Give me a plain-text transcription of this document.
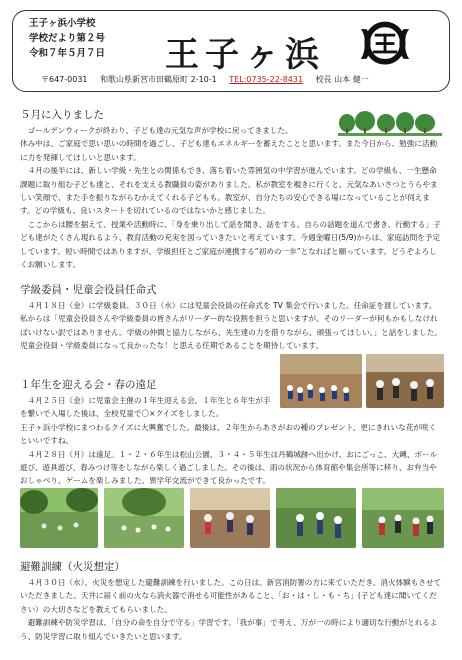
王子ヶ浜小学校
学校だより第２号
令和７年５月７日 王子ヶ浜
〒647-0031 和歌山県新宮市田鶴原町 2-10-1 TEL:0735-22-8431 校長 山本 健一
５月に入りました

ゴールデンウィークが終わり、子ども達の元気な声が学校に戻ってきました。

休み中は、ご家庭で思い思いの時間を過ごし、子ども達もエネルギーを蓄えたことと思います。また今日から、勉強に活動に力を発揮してほしいと思います。

４月の後半には、新しい学級・先生との関係もでき、落ち着いた雰囲気の中学習が進んでいます。どの学級も、一生懸命課題に取り組む子ども達と、それを支える教職員の姿がありました。私が教室を覗きに行くと、元気なあいさつとうらやましい笑顔で、また手を振りながらむかえてくれる子どもも。教室が、自分たちの安心できる場になっていることが伺えます。どの学級も、良いスタートを切れているのではないかと感じました。

ここからは腰を据えて、授業や活動時に、「身を乗り出して話を聞き、話をする。自らの話題を道んで書き、行動する」子ども達がたくさん現れるよう、教育活動の充実を図っていきたいと考えています。今週金曜日(5/9)からは、家庭訪問を予定しています。短い時間ではありますが、学級担任とご家庭が連携する“初めの一歩”となればと願っています。どうぞよろしくお願いします。

学級委員・児童会役員任命式

４月１８日（金）に学級委員、３０日（水）には児童会役員の任命式を TV 集会で行いました。任命証を渡しています。私からは「児童会役員さんや学級委員の皆さんがリーダー的な役割を担うと思いますが、そのリーダーが何もかもしなければいけない訳ではありません。学級の仲間と協力しながら、先生達の力を借りながら、頑張ってほしい。」と話をしました。児童会役員・学級委員になって良かったな！と思える任期であることを期待しています。

１年生を迎える会・春の遠足

４月２５日（金）に児童会主催の１年生迎える会。１年生と６年生が手を繋いで入場した後は、全校児童で〇×クイズをしました。

王子ヶ浜小学校にまつわるクイズに大興奮でした。最後は、２年生からあさがおの種のプレゼント、更にきれいな花が咲くといいですね。

４月２８日（月）は遠足。１・２・６年生は松山公園、３・４・５年生は丹鶴城跡へ出かけ、おにごっこ、大縄、ボール遊び、遊具遊び、春みつけ等をしながら楽しく過ごしました。その後は、雨の状況から体育館や集会所等に移り、お弁当やおしゃべり、ゲームを楽しみました。異学年交流ができて良かったです。

避難訓練（火災想定）

４月３０日（水）、火災を想定した避難訓練を行いました。この日は、新宮消防署の方に来ていただき、消火体験もさせていただきました。天井に届く前の火なら消火器で消せる可能性があること、「お・は・し・も・ち」(子ども達に聞いてください）の大切さなどを教えてもらいました。

避難訓練や防災学習は、「自分の命を自分で守る」学習です。「我が事」で考え、万が一の時により適切な行動がとれるよう、防災学習に取り組んでいきたいと思います。
